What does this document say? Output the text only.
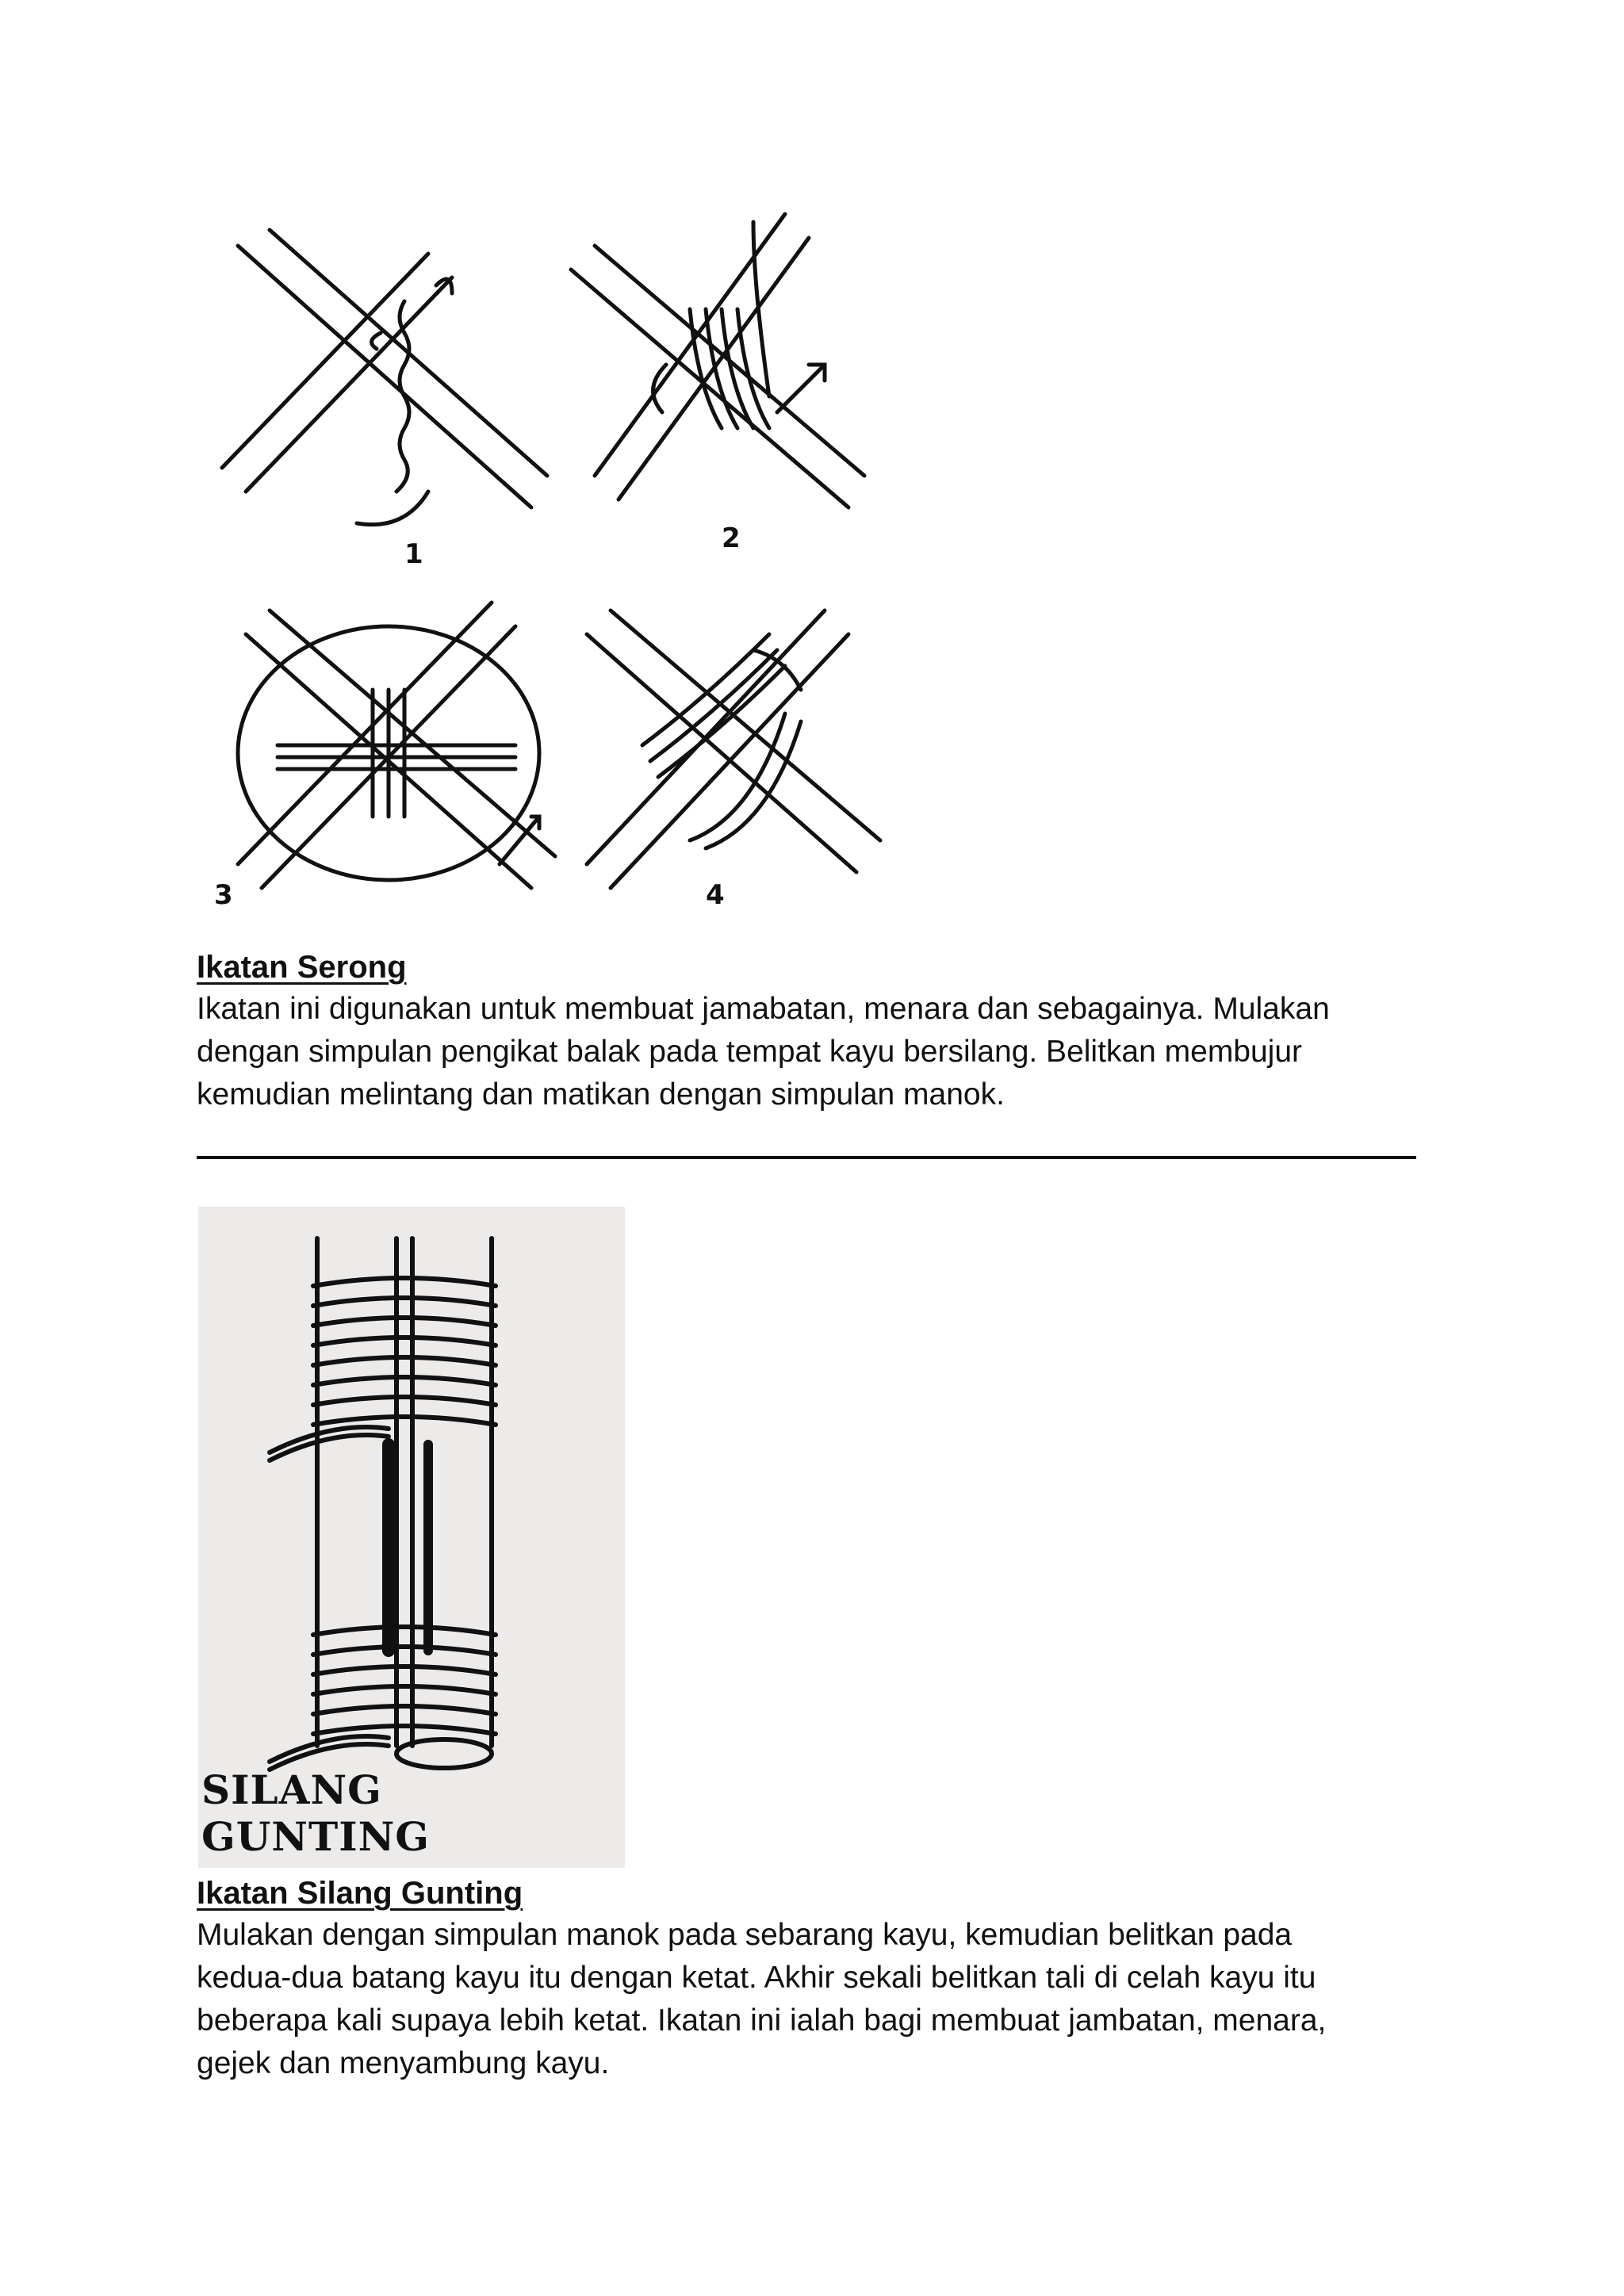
1	2
3	4
Ikatan Serong

Ikatan ini digunakan untuk membuat jamabatan, menara dan sebagainya. Mulakan
dengan simpulan pengikat balak pada tempat kayu bersilang. Belitkan membujur
kemudian melintang dan matikan dengan simpulan manok.

SILANG GUNTING
Ikatan Silang Gunting

Mulakan dengan simpulan manok pada sebarang kayu, kemudian belitkan pada
kedua-dua batang kayu itu dengan ketat. Akhir sekali belitkan tali di celah kayu itu
beberapa kali supaya lebih ketat. Ikatan ini ialah bagi membuat jambatan, menara,
gejek dan menyambung kayu.
